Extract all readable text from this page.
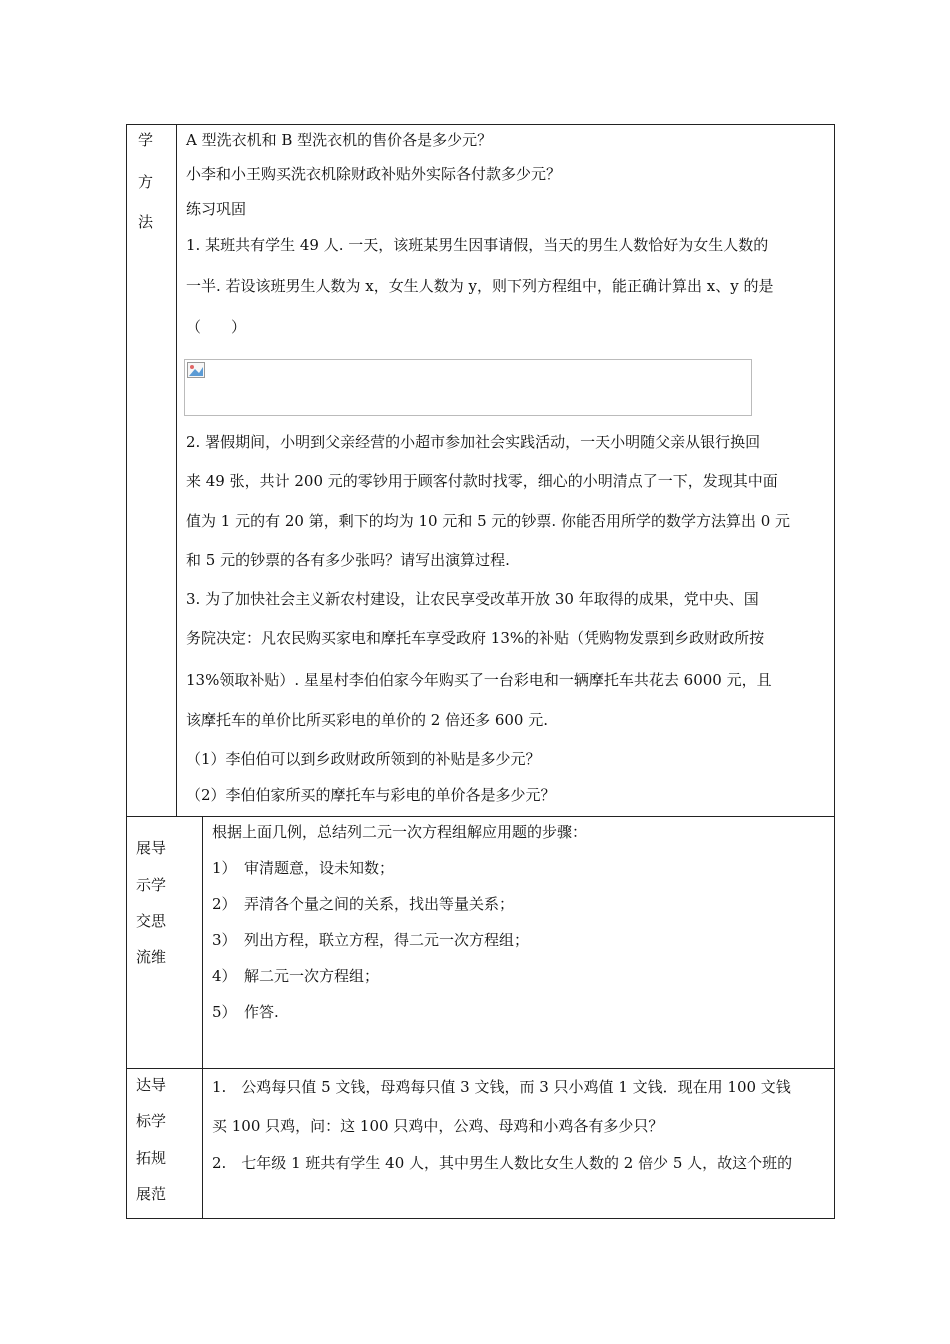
学
方
法
A 型洗衣机和 B 型洗衣机的售价各是多少元？
小李和小王购买洗衣机除财政补贴外实际各付款多少元？
练习巩固
1. 某班共有学生 49 人. 一天，该班某男生因事请假，当天的男生人数恰好为女生人数的
一半. 若设该班男生人数为 x，女生人数为 y，则下列方程组中，能正确计算出 x、y 的是
（　　）
2. 署假期间，小明到父亲经营的小超市参加社会实践活动，一天小明随父亲从银行换回
来 49 张，共计 200 元的零钞用于顾客付款时找零，细心的小明清点了一下，发现其中面
值为 1 元的有 20 第，剩下的均为 10 元和 5 元的钞票. 你能否用所学的数学方法算出 0 元
和 5 元的钞票的各有多少张吗？请写出演算过程.
3. 为了加快社会主义新农村建设，让农民享受改革开放 30 年取得的成果，党中央、国
务院决定：凡农民购买家电和摩托车享受政府 13%的补贴（凭购物发票到乡政财政所按
13%领取补贴）. 星星村李伯伯家今年购买了一台彩电和一辆摩托车共花去 6000 元，且
该摩托车的单价比所买彩电的单价的 2 倍还多 600 元.
（1）李伯伯可以到乡政财政所领到的补贴是多少元？
（2）李伯伯家所买的摩托车与彩电的单价各是多少元？
展导
示学
交思
流维
根据上面几例，总结列二元一次方程组解应用题的步骤：
1）　审清题意，设未知数；
2）　弄清各个量之间的关系，找出等量关系；
3）　列出方程，联立方程，得二元一次方程组；
4）　解二元一次方程组；
5）　作答.
达导
标学
拓规
展范
1.　公鸡每只值 5 文钱，母鸡每只值 3 文钱，而 3 只小鸡值 1 文钱．现在用 100 文钱
买 100 只鸡，问：这 100 只鸡中，公鸡、母鸡和小鸡各有多少只？
2.　七年级 1 班共有学生 40 人，其中男生人数比女生人数的 2 倍少 5 人，故这个班的
